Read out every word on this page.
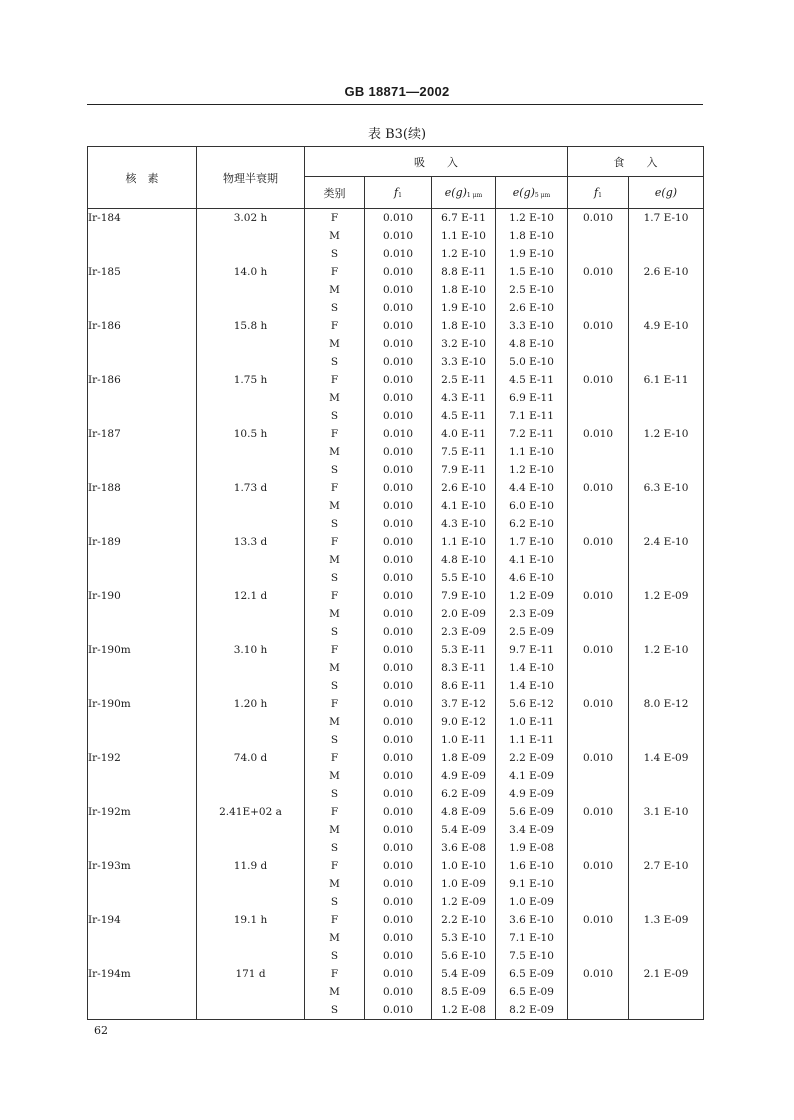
GB 18871—2002
表 B3(续)
核　素	物理半衰期	吸　　入				食　　入	
		类别	f1	e(g)1 μm	e(g)5 μm	f1	e(g)
Ir-184	3.02 h	F	0.010	6.7 E-11	1.2 E-10	0.010	1.7 E-10
		M	0.010	1.1 E-10	1.8 E-10		
		S	0.010	1.2 E-10	1.9 E-10		
Ir-185	14.0 h	F	0.010	8.8 E-11	1.5 E-10	0.010	2.6 E-10
		M	0.010	1.8 E-10	2.5 E-10		
		S	0.010	1.9 E-10	2.6 E-10		
Ir-186	15.8 h	F	0.010	1.8 E-10	3.3 E-10	0.010	4.9 E-10
		M	0.010	3.2 E-10	4.8 E-10		
		S	0.010	3.3 E-10	5.0 E-10		
Ir-186	1.75 h	F	0.010	2.5 E-11	4.5 E-11	0.010	6.1 E-11
		M	0.010	4.3 E-11	6.9 E-11		
		S	0.010	4.5 E-11	7.1 E-11		
Ir-187	10.5 h	F	0.010	4.0 E-11	7.2 E-11	0.010	1.2 E-10
		M	0.010	7.5 E-11	1.1 E-10		
		S	0.010	7.9 E-11	1.2 E-10		
Ir-188	1.73 d	F	0.010	2.6 E-10	4.4 E-10	0.010	6.3 E-10
		M	0.010	4.1 E-10	6.0 E-10		
		S	0.010	4.3 E-10	6.2 E-10		
Ir-189	13.3 d	F	0.010	1.1 E-10	1.7 E-10	0.010	2.4 E-10
		M	0.010	4.8 E-10	4.1 E-10		
		S	0.010	5.5 E-10	4.6 E-10		
Ir-190	12.1 d	F	0.010	7.9 E-10	1.2 E-09	0.010	1.2 E-09
		M	0.010	2.0 E-09	2.3 E-09		
		S	0.010	2.3 E-09	2.5 E-09		
Ir-190m	3.10 h	F	0.010	5.3 E-11	9.7 E-11	0.010	1.2 E-10
		M	0.010	8.3 E-11	1.4 E-10		
		S	0.010	8.6 E-11	1.4 E-10		
Ir-190m	1.20 h	F	0.010	3.7 E-12	5.6 E-12	0.010	8.0 E-12
		M	0.010	9.0 E-12	1.0 E-11		
		S	0.010	1.0 E-11	1.1 E-11		
Ir-192	74.0 d	F	0.010	1.8 E-09	2.2 E-09	0.010	1.4 E-09
		M	0.010	4.9 E-09	4.1 E-09		
		S	0.010	6.2 E-09	4.9 E-09		
Ir-192m	2.41E+02 a	F	0.010	4.8 E-09	5.6 E-09	0.010	3.1 E-10
		M	0.010	5.4 E-09	3.4 E-09		
		S	0.010	3.6 E-08	1.9 E-08		
Ir-193m	11.9 d	F	0.010	1.0 E-10	1.6 E-10	0.010	2.7 E-10
		M	0.010	1.0 E-09	9.1 E-10		
		S	0.010	1.2 E-09	1.0 E-09		
Ir-194	19.1 h	F	0.010	2.2 E-10	3.6 E-10	0.010	1.3 E-09
		M	0.010	5.3 E-10	7.1 E-10		
		S	0.010	5.6 E-10	7.5 E-10		
Ir-194m	171 d	F	0.010	5.4 E-09	6.5 E-09	0.010	2.1 E-09
		M	0.010	8.5 E-09	6.5 E-09		
		S	0.010	1.2 E-08	8.2 E-09		
62
